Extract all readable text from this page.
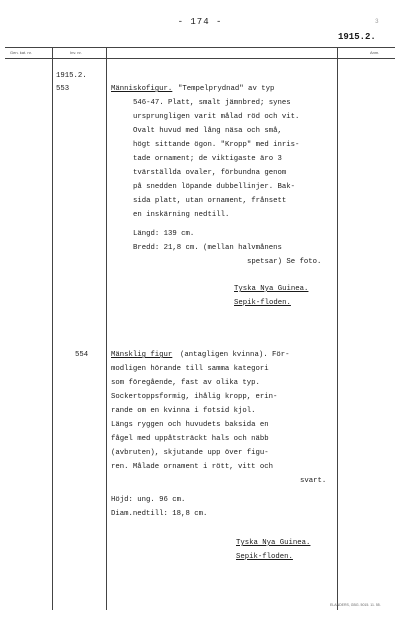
- 174 -
1915.2.
3
Gen. kat. nr.	Inv. nr.	Anm.
1915.2.
553	Människofigur. "Tempelprydnad" av typ
546-47. Platt, smalt jämnbred; synes
ursprungligen varit målad röd och vit.
Ovalt huvud med lång näsa och små,
högt sittande ögon. "Kropp" med inris-
tade ornament; de viktigaste äro 3
tvärställda ovaler, förbundna genom
på snedden löpande dubbellinjer. Bak-
sida platt, utan ornament, frånsett
en inskärning nedtill.
Längd: 139 cm.
Bredd: 21,8 cm. (mellan halvmånens
spetsar) Se foto.
Tyska Nya Guinea.
Sepik-floden.
554	Mänsklig figur (antagligen kvinna). För-
modligen hörande till samma kategori
som föregående, fast av olika typ.
Sockertoppsformig, ihålig kropp, erin-
rande om en kvinna i fotsid kjol.
Längs ryggen och huvudets baksida en
fågel med uppåtsträckt hals och näbb
(avbruten), skjutande upp över figu-
ren. Målade ornament i rött, vitt och
svart.
Höjd: ung. 96 cm.
Diam.nedtill: 18,8 cm.
Tyska Nya Guinea.
Sepik-floden.
ELANDERS, GBG. 5015. 11. 55.
